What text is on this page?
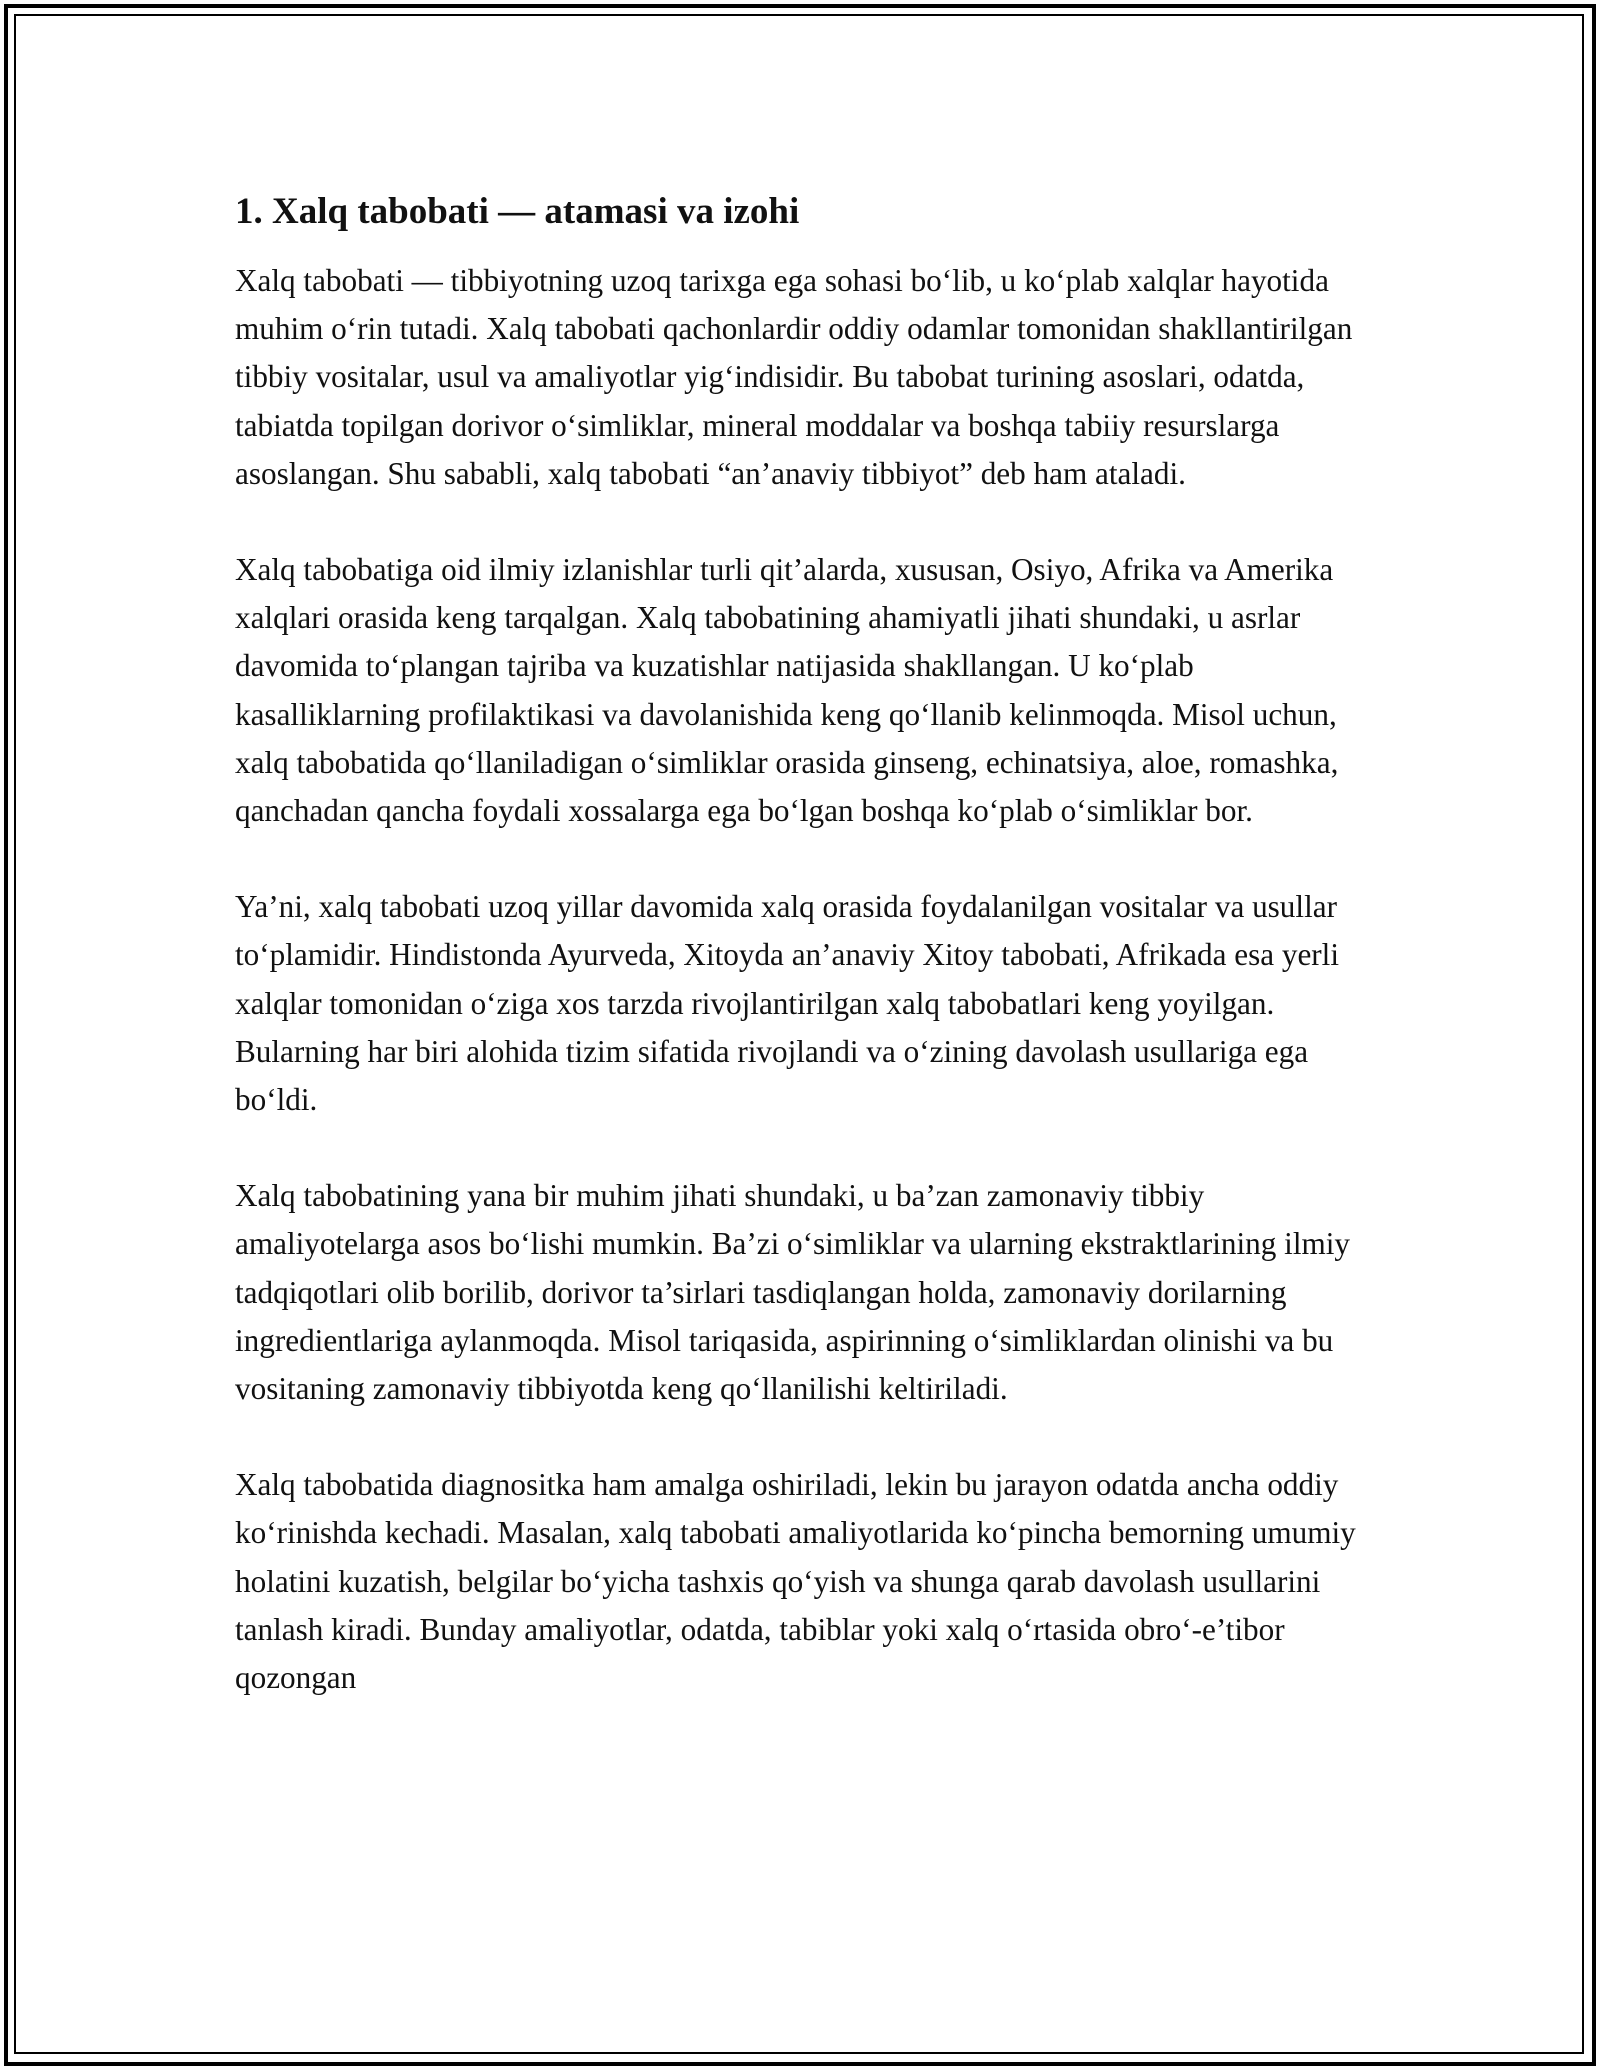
1. Xalq tabobati — atamasi va izohi

Xalq tabobati — tibbiyotning uzoq tarixga ega sohasi bo‘lib, u ko‘plab xalqlar hayotida muhim o‘rin tutadi. Xalq tabobati qachonlardir oddiy odamlar tomonidan shakllantirilgan tibbiy vositalar, usul va amaliyotlar yig‘indisidir. Bu tabobat turining asoslari, odatda, tabiatda topilgan dorivor o‘simliklar, mineral moddalar va boshqa tabiiy resurslarga asoslangan. Shu sababli, xalq tabobati “an’anaviy tibbiyot” deb ham ataladi.

Xalq tabobatiga oid ilmiy izlanishlar turli qit’alarda, xususan, Osiyo, Afrika va Amerika xalqlari orasida keng tarqalgan. Xalq tabobatining ahamiyatli jihati shundaki, u asrlar davomida to‘plangan tajriba va kuzatishlar natijasida shakllangan. U ko‘plab kasalliklarning profilaktikasi va davolanishida keng qo‘llanib kelinmoqda. Misol uchun, xalq tabobatida qo‘llaniladigan o‘simliklar orasida ginseng, echinatsiya, aloe, romashka, qanchadan qancha foydali xossalarga ega bo‘lgan boshqa ko‘plab o‘simliklar bor.

Ya’ni, xalq tabobati uzoq yillar davomida xalq orasida foydalanilgan vositalar va usullar to‘plamidir. Hindistonda Ayurveda, Xitoyda an’anaviy Xitoy tabobati, Afrikada esa yerli xalqlar tomonidan o‘ziga xos tarzda rivojlantirilgan xalq tabobatlari keng yoyilgan. Bularning har biri alohida tizim sifatida rivojlandi va o‘zining davolash usullariga ega bo‘ldi.

Xalq tabobatining yana bir muhim jihati shundaki, u ba’zan zamonaviy tibbiy amaliyotelarga asos bo‘lishi mumkin. Ba’zi o‘simliklar va ularning ekstraktlarining ilmiy tadqiqotlari olib borilib, dorivor ta’sirlari tasdiqlangan holda, zamonaviy dorilarning ingredientlariga aylanmoqda. Misol tariqasida, aspirinning o‘simliklardan olinishi va bu vositaning zamonaviy tibbiyotda keng qo‘llanilishi keltiriladi.

Xalq tabobatida diagnositka ham amalga oshiriladi, lekin bu jarayon odatda ancha oddiy ko‘rinishda kechadi. Masalan, xalq tabobati amaliyotlarida ko‘pincha bemorning umumiy holatini kuzatish, belgilar bo‘yicha tashxis qo‘yish va shunga qarab davolash usullarini tanlash kiradi. Bunday amaliyotlar, odatda, tabiblar yoki xalq o‘rtasida obro‘-e’tibor qozongan
